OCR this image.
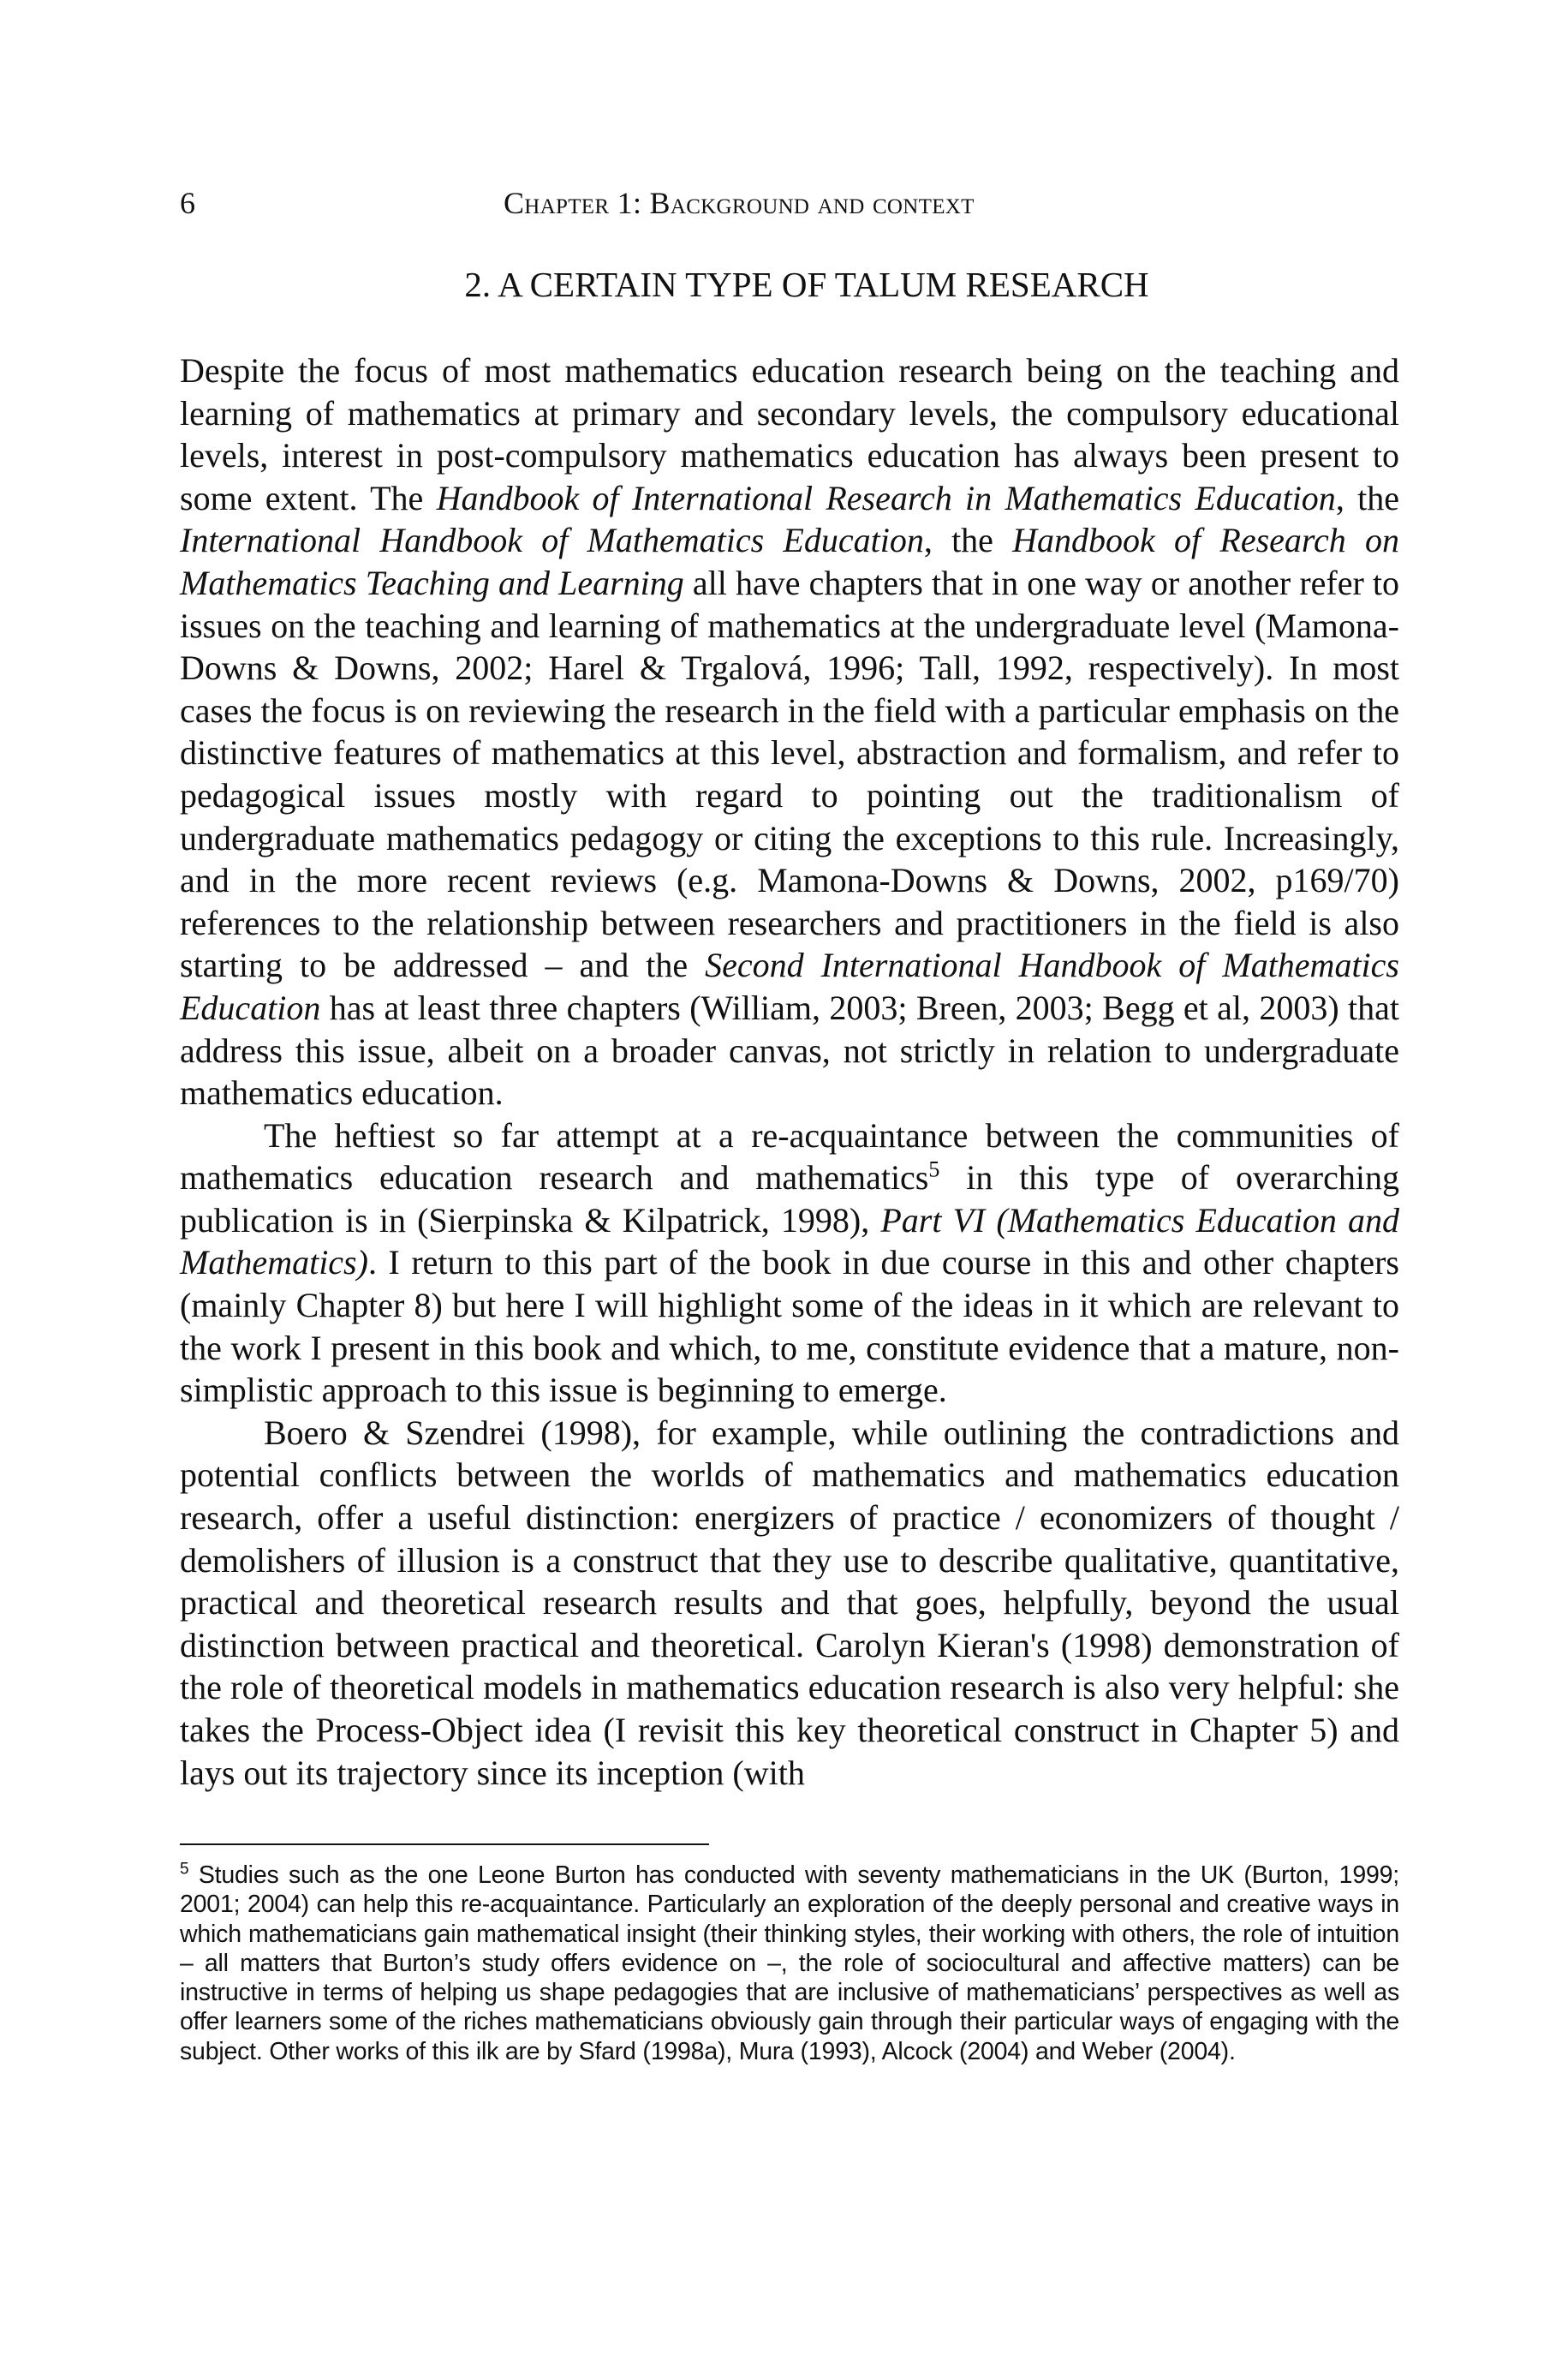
6	Chapter 1: Background and context
2. A CERTAIN TYPE OF TALUM RESEARCH

Despite the focus of most mathematics education research being on the teaching and learning of mathematics at primary and secondary levels, the compulsory educational levels, interest in post-compulsory mathematics education has always been present to some extent. The Handbook of International Research in Mathematics Education, the International Handbook of Mathematics Education, the Handbook of Research on Mathematics Teaching and Learning all have chapters that in one way or another refer to issues on the teaching and learning of mathematics at the undergraduate level (Mamona-Downs & Downs, 2002; Harel & Trgalová, 1996; Tall, 1992, respectively). In most cases the focus is on reviewing the research in the field with a particular emphasis on the distinctive features of mathematics at this level, abstraction and formalism, and refer to pedagogical issues mostly with regard to pointing out the traditionalism of undergraduate mathematics pedagogy or citing the exceptions to this rule. Increasingly, and in the more recent reviews (e.g. Mamona-Downs & Downs, 2002, p169/70) references to the relationship between researchers and practitioners in the field is also starting to be addressed – and the Second International Handbook of Mathematics Education has at least three chapters (William, 2003; Breen, 2003; Begg et al, 2003) that address this issue, albeit on a broader canvas, not strictly in relation to undergraduate mathematics education.

The heftiest so far attempt at a re-acquaintance between the communities of mathematics education research and mathematics$^5$ in this type of overarching publication is in (Sierpinska & Kilpatrick, 1998), Part VI (Mathematics Education and Mathematics). I return to this part of the book in due course in this and other chapters (mainly Chapter 8) but here I will highlight some of the ideas in it which are relevant to the work I present in this book and which, to me, constitute evidence that a mature, non-simplistic approach to this issue is beginning to emerge.

Boero & Szendrei (1998), for example, while outlining the contradictions and potential conflicts between the worlds of mathematics and mathematics education research, offer a useful distinction: energizers of practice / economizers of thought / demolishers of illusion is a construct that they use to describe qualitative, quantitative, practical and theoretical research results and that goes, helpfully, beyond the usual distinction between practical and theoretical. Carolyn Kieran's (1998) demonstration of the role of theoretical models in mathematics education research is also very helpful: she takes the Process-Object idea (I revisit this key theoretical construct in Chapter 5) and lays out its trajectory since its inception (with

$^5$ Studies such as the one Leone Burton has conducted with seventy mathematicians in the UK (Burton, 1999; 2001; 2004) can help this re-acquaintance. Particularly an exploration of the deeply personal and creative ways in which mathematicians gain mathematical insight (their thinking styles, their working with others, the role of intuition – all matters that Burton’s study offers evidence on –, the role of sociocultural and affective matters) can be instructive in terms of helping us shape pedagogies that are inclusive of mathematicians’ perspectives as well as offer learners some of the riches mathematicians obviously gain through their particular ways of engaging with the subject. Other works of this ilk are by Sfard (1998a), Mura (1993), Alcock (2004) and Weber (2004).
